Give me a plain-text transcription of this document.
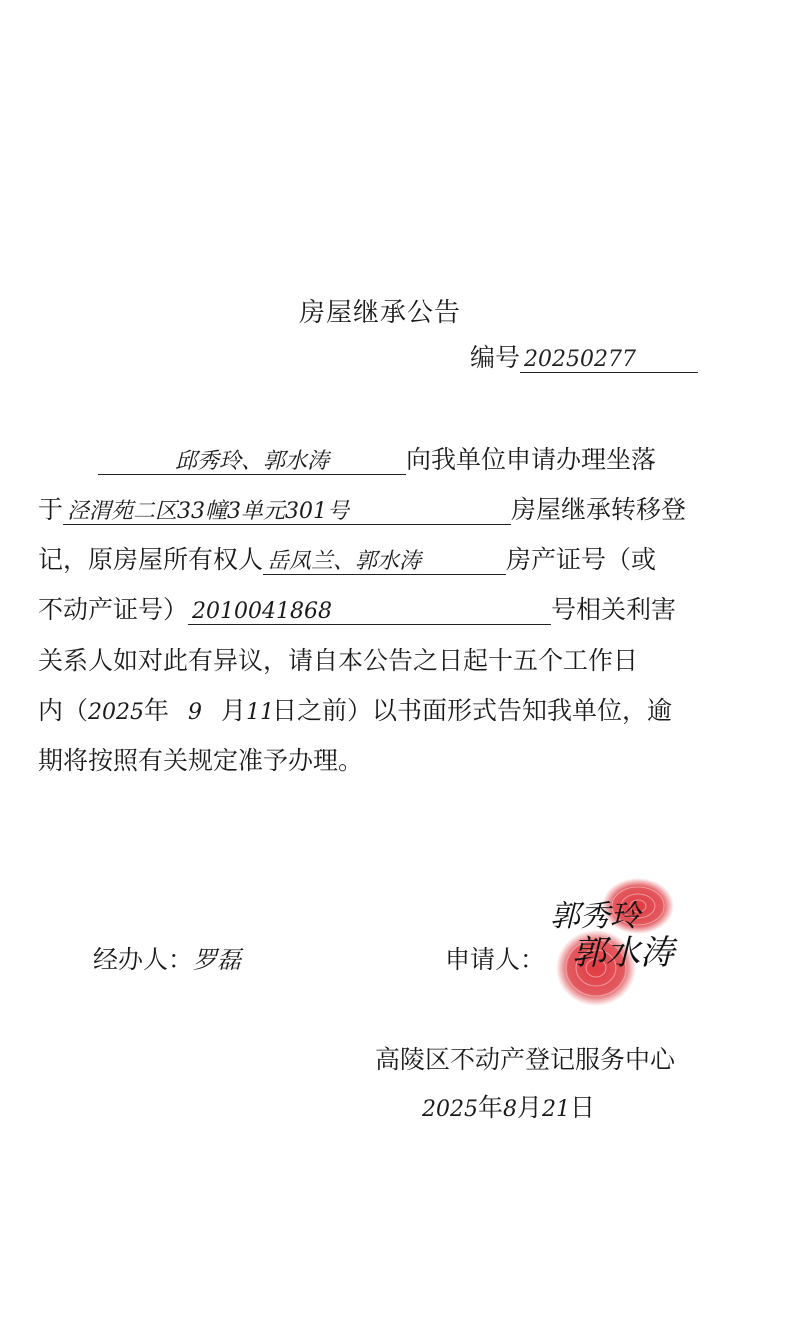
房屋继承公告
编号 20250277
邱秀玲、郭水涛	向我单位申请办理坐落
于 泾渭苑二区33幢3单元301号	房屋继承转移登
记，原房屋所有权人 岳凤兰、郭水涛	房产证号（或
不动产证号） 2010041868	号相关利害
关系人如对此有异议，请自本公告之日起十五个工作日
内（2025年 9 月11日之前）以书面形式告知我单位，逾
期将按照有关规定准予办理。
经办人：罗磊	申请人：
郭秀玲
郭水涛
高陵区不动产登记服务中心
2025年8月21日
